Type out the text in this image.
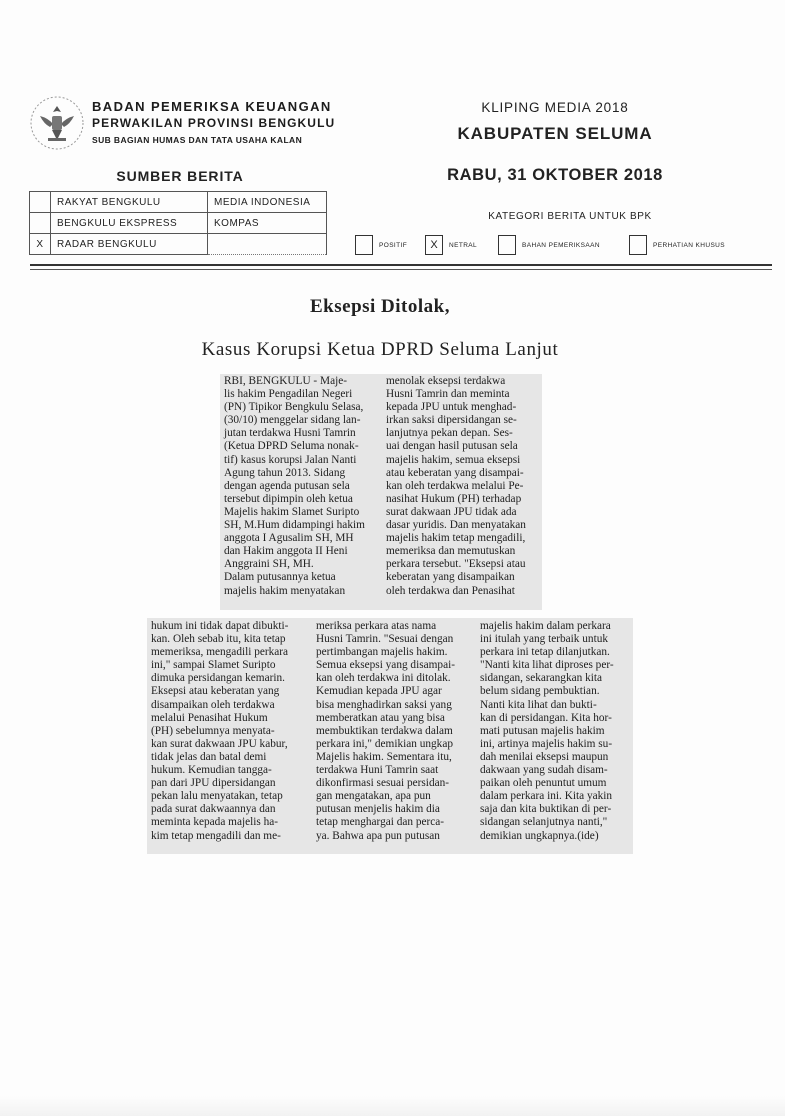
BADAN PEMERIKSA KEUANGAN
PERWAKILAN PROVINSI BENGKULU
SUB BAGIAN HUMAS DAN TATA USAHA KALAN
KLIPING MEDIA 2018
KABUPATEN SELUMA
RABU, 31 OKTOBER 2018
SUMBER BERITA
	RAKYAT BENGKULU	MEDIA INDONESIA
	BENGKULU EKSPRESS	KOMPAS
X	RADAR BENGKULU	
KATEGORI BERITA UNTUK BPK
POSITIF	X	NETRAL	BAHAN PEMERIKSAAN	PERHATIAN KHUSUS
Eksepsi Ditolak,
Kasus Korupsi Ketua DPRD Seluma Lanjut

RBI, BENGKULU - Maje-
lis hakim Pengadilan Negeri
(PN) Tipikor Bengkulu Selasa,
(30/10) menggelar sidang lan-
jutan terdakwa Husni Tamrin
(Ketua DPRD Seluma nonak-
tif) kasus korupsi Jalan Nanti
Agung tahun 2013. Sidang
dengan agenda putusan sela
tersebut dipimpin oleh ketua
Majelis hakim Slamet Suripto
SH, M.Hum didampingi hakim
anggota I Agusalim SH, MH
dan Hakim anggota II Heni
Anggraini SH, MH.
Dalam putusannya ketua
majelis hakim menyatakan

menolak eksepsi terdakwa
Husni Tamrin dan meminta
kepada JPU untuk menghad-
irkan saksi dipersidangan se-
lanjutnya pekan depan. Ses-
uai dengan hasil putusan sela
majelis hakim, semua eksepsi
atau keberatan yang disampai-
kan oleh terdakwa melalui Pe-
nasihat Hukum (PH) terhadap
surat dakwaan JPU tidak ada
dasar yuridis. Dan menyatakan
majelis hakim tetap mengadili,
memeriksa dan memutuskan
perkara tersebut. "Eksepsi atau
keberatan yang disampaikan
oleh terdakwa dan Penasihat

hukum ini tidak dapat dibukti-
kan. Oleh sebab itu, kita tetap
memeriksa, mengadili perkara
ini," sampai Slamet Suripto
dimuka persidangan kemarin.
Eksepsi atau keberatan yang
disampaikan oleh terdakwa
melalui Penasihat Hukum
(PH) sebelumnya menyata-
kan surat dakwaan JPU kabur,
tidak jelas dan batal demi
hukum. Kemudian tangga-
pan dari JPU dipersidangan
pekan lalu menyatakan, tetap
pada surat dakwaannya dan
meminta kepada majelis ha-
kim tetap mengadili dan me-

meriksa perkara atas nama
Husni Tamrin. "Sesuai dengan
pertimbangan majelis hakim.
Semua eksepsi yang disampai-
kan oleh terdakwa ini ditolak.
Kemudian kepada JPU agar
bisa menghadirkan saksi yang
memberatkan atau yang bisa
membuktikan terdakwa dalam
perkara ini," demikian ungkap
Majelis hakim. Sementara itu,
terdakwa Huni Tamrin saat
dikonfirmasi sesuai persidan-
gan mengatakan, apa pun
putusan menjelis hakim dia
tetap menghargai dan perca-
ya. Bahwa apa pun putusan

majelis hakim dalam perkara
ini itulah yang terbaik untuk
perkara ini tetap dilanjutkan.
"Nanti kita lihat diproses per-
sidangan, sekarangkan kita
belum sidang pembuktian.
Nanti kita lihat dan bukti-
kan di persidangan. Kita hor-
mati putusan majelis hakim
ini, artinya majelis hakim su-
dah menilai eksepsi maupun
dakwaan yang sudah disam-
paikan oleh penuntut umum
dalam perkara ini. Kita yakin
saja dan kita buktikan di per-
sidangan selanjutnya nanti,"
demikian ungkapnya.(ide)
